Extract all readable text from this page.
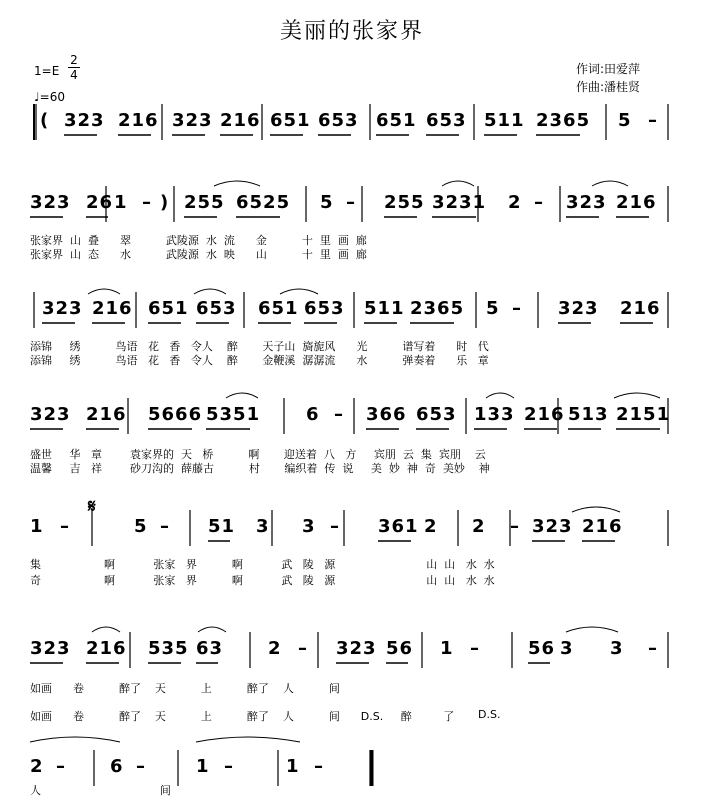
美丽的张家界
作词:田爱萍
作曲:潘桂贤
1=E
2
4
♩=60
( 323 216 323 216 651 653 651 653 511 2365 5 –
323 26 1 – ) 255 6525 5 – 255 3231 2 – 323 216
张家界  山  叠      翠          武陵源  水  流      金          十  里  画  廊
张家界  山  态      水          武陵源  水  映      山          十  里  画  廊
323 216 651 653 651 653 511 2365 5 – 323 216
添锦     绣          鸟语   花   香   令人    醉       天子山  旖旎风      光          谱写着      时   代
添锦     绣          鸟语   花   香   令人    醉       金鞭溪  潺潺流      水          弹奏着      乐   章
323 216 5666 5351	6 – 366 653 133 216 513 2151
盛世     华   章        袁家界的  天   桥          啊       迎送着  八   方     宾朋  云  集  宾朋    云
温馨     吉   祥        砂刀沟的  薛藤古          村       编织着  传  说     美  妙  神  奇  美妙    神
1 –	5 – 51 3 3 – 361 2 2 – 323 216
集                  啊           张家   界          啊           武   陵   源                          山  山   水  水
奇                  啊           张家   界          啊           武   陵   源                          山  山   水  水
323 216 535 63 2 – 323 56 1 –	56 3 3 –
如画      卷          醉了    天          上          醉了    人          间
如画      卷          醉了    天          上          醉了    人          间      D.S.     醉         了
2 – 6 –	1 –	1 –
人                                  间
𝄋
D.S.
